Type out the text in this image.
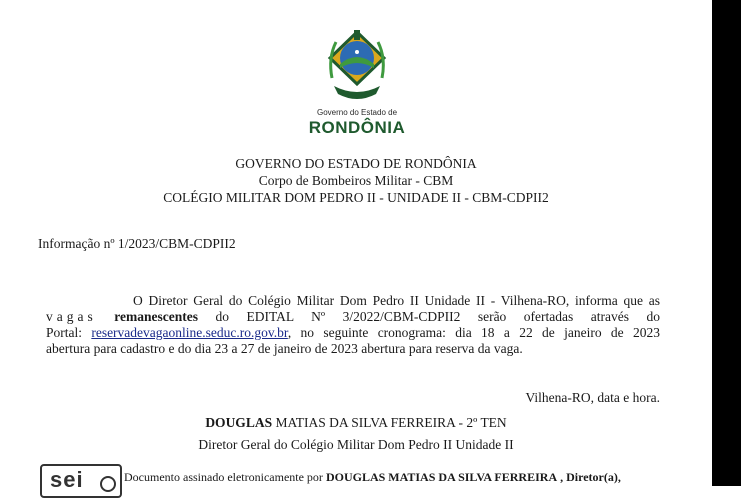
Governo do Estado de
RONDÔNIA
GOVERNO DO ESTADO DE RONDÔNIA
Corpo de Bombeiros Militar - CBM
COLÉGIO MILITAR DOM PEDRO II - UNIDADE II - CBM-CDPII2
Informação nº 1/2023/CBM-CDPII2
O Diretor Geral do Colégio Militar Dom Pedro II Unidade II - Vilhena-RO, informa que as
vagas remanescentes do EDITAL Nº 3/2022/CBM-CDPII2 serão ofertadas através do
Portal: reservadevagaonline.seduc.ro.gov.br, no seguinte cronograma: dia 18 a 22 de janeiro de 2023
abertura para cadastro e do dia 23 a 27 de janeiro de 2023 abertura para reserva da vaga.
Vilhena-RO, data e hora.
DOUGLAS MATIAS DA SILVA FERREIRA - 2º TEN
Diretor Geral do Colégio Militar Dom Pedro II Unidade II
sei	Documento assinado eletronicamente por DOUGLAS MATIAS DA SILVA FERREIRA , Diretor(a),
